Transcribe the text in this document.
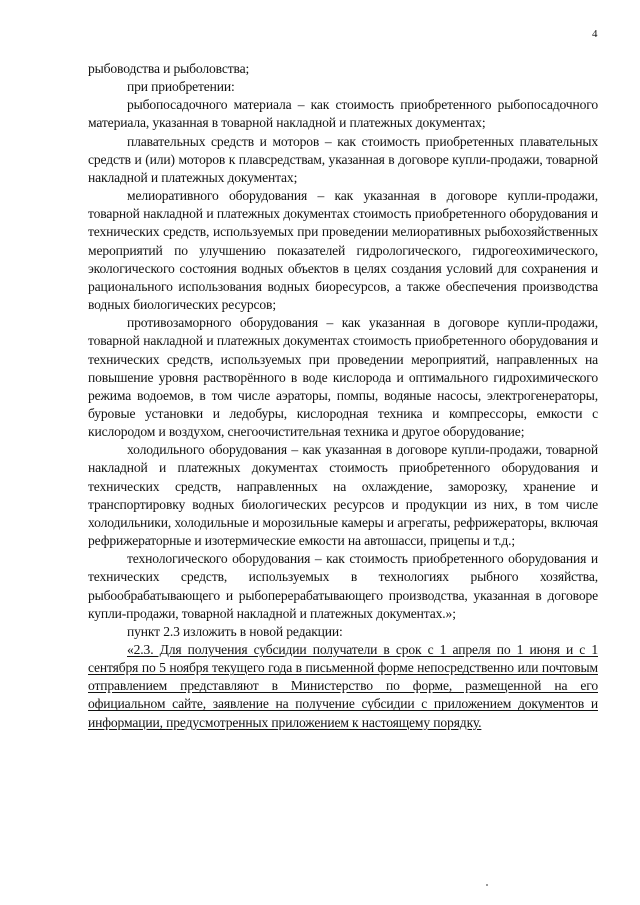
4

рыбоводства и рыболовства;

при приобретении:

рыбопосадочного материала – как стоимость приобретенного рыбопосадочного материала, указанная в товарной накладной и платежных документах;

плавательных средств и моторов – как стоимость приобретенных плавательных средств и (или) моторов к плавсредствам, указанная в договоре купли-продажи, товарной накладной и платежных документах;

мелиоративного оборудования – как указанная в договоре купли-продажи, товарной накладной и платежных документах стоимость приобретенного оборудования и технических средств, используемых при проведении мелиоративных рыбохозяйственных мероприятий по улучшению показателей гидрологического, гидрогеохимического, экологического состояния водных объектов в целях создания условий для сохранения и рационального использования водных биоресурсов, а также обеспечения производства водных биологических ресурсов;

противозаморного оборудования – как указанная в договоре купли-продажи, товарной накладной и платежных документах стоимость приобретенного оборудования и технических средств, используемых при проведении мероприятий, направленных на повышение уровня растворённого в воде кислорода и оптимального гидрохимического режима водоемов, в том числе аэраторы, помпы, водяные насосы, электрогенераторы, буровые установки и ледобуры, кислородная техника и компрессоры, емкости с кислородом и воздухом, снегоочистительная техника и другое оборудование;

холодильного оборудования – как указанная в договоре купли-продажи, товарной накладной и платежных документах стоимость приобретенного оборудования и технических средств, направленных на охлаждение, заморозку, хранение и транспортировку водных биологических ресурсов и продукции из них, в том числе холодильники, холодильные и морозильные камеры и агрегаты, рефрижераторы, включая рефрижераторные и изотермические емкости на автошасси, прицепы и т.д.;

технологического оборудования – как стоимость приобретенного оборудования и технических средств, используемых в технологиях рыбного хозяйства, рыбообрабатывающего и рыбоперерабатывающего производства, указанная в договоре купли-продажи, товарной накладной и платежных документах.»;

пункт 2.3 изложить в новой редакции:

«2.3. Для получения субсидии получатели в срок с 1 апреля по 1 июня и с 1 сентября по 5 ноября текущего года в письменной форме непосредственно или почтовым отправлением представляют в Министерство по форме, размещенной на его официальном сайте, заявление на получение субсидии с приложением документов и информации, предусмотренных приложением к настоящему порядку.
